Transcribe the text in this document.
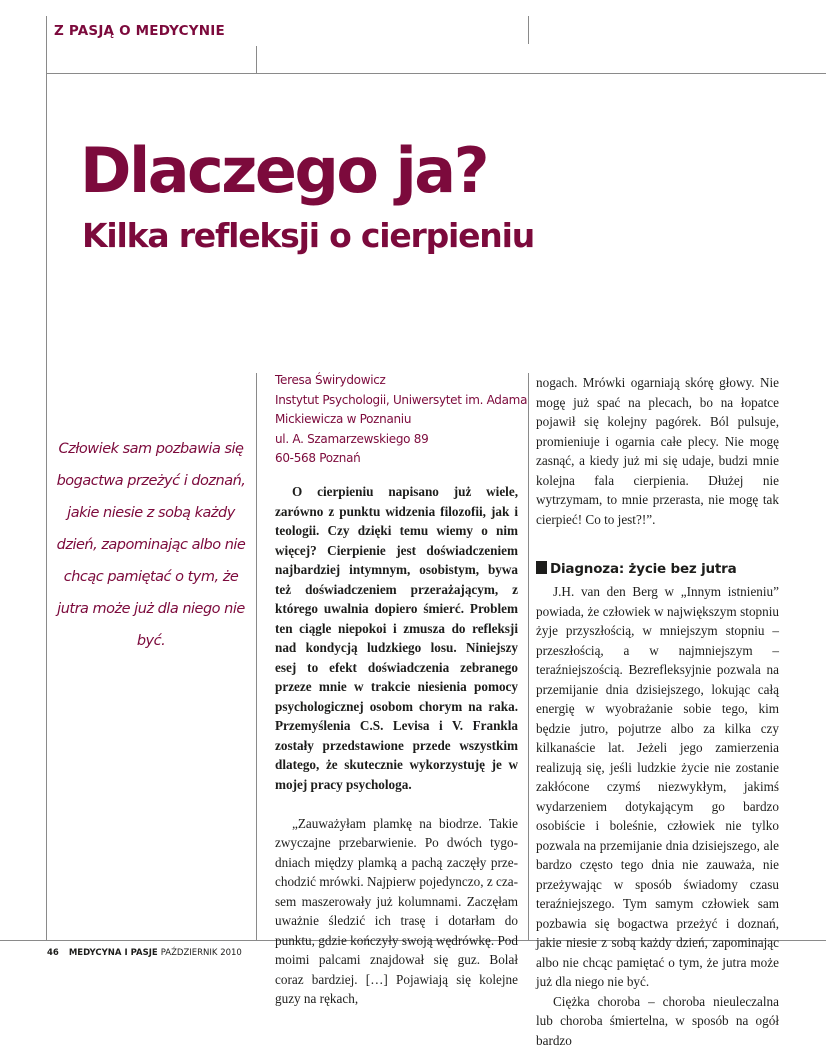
Z PASJĄ O MEDYCYNIE
Dlaczego ja?
Kilka refleksji o cierpieniu

Człowiek sam pozbawia się bogactwa przeżyć i doznań, jakie niesie z sobą każdy dzień, zapominając albo nie chcąc pamiętać o tym, że jutra może już dla niego nie być.

Teresa Świrydowicz
Instytut Psychologii, Uniwersytet im. Adama
Mickiewicza w Poznaniu
ul. A. Szamarzewskiego 89
60-568 Poznań

O cierpieniu napisano już wiele, zarówno z punktu widzenia filozofii, jak i teologii. Czy dzięki temu wiemy o nim więcej? Cierpienie jest doświadczeniem najbardziej intymnym, osobistym, bywa też doświadczeniem przerażającym, z którego uwalnia dopiero śmierć. Problem ten ciągle niepokoi i zmusza do refleksji nad kondycją ludzkiego losu. Niniejszy esej to efekt doświadczenia zebranego przeze mnie w trakcie niesienia pomocy psychologicznej osobom chorym na raka. Przemyślenia C.S. Levisa i V. Frankla zostały przedstawione przede wszystkim dlatego, że skutecznie wykorzystuję je w mojej pracy psychologa.

„Zauważyłam plamkę na biodrze. Takie zwyczajne przebarwienie. Po dwóch tygodniach między plamką a pachą zaczęły przechodzić mrówki. Najpierw pojedynczo, z czasem maszerowały już kolumnami. Zaczęłam uważnie śledzić ich trasę i dotarłam do punktu, gdzie kończyły swoją wędrówkę. Pod moimi palcami znajdował się guz. Bolał coraz bardziej. […] Pojawiają się kolejne guzy na rękach,

nogach. Mrówki ogarniają skórę głowy. Nie mogę już spać na plecach, bo na łopatce pojawił się kolejny pagórek. Ból pulsuje, promieniuje i ogarnia całe plecy. Nie mogę zasnąć, a kiedy już mi się udaje, budzi mnie kolejna fala cierpienia. Dłużej nie wytrzymam, to mnie przerasta, nie mogę tak cierpieć! Co to jest?!”.

Diagnoza: życie bez jutra

J.H. van den Berg w „Innym istnieniu” powiada, że człowiek w największym stopniu żyje przyszłością, w mniejszym stopniu – przeszłością, a w najmniejszym – teraźniejszością. Bezrefleksyjnie pozwala na przemijanie dnia dzisiejszego, lokując całą energię w wyobrażanie sobie tego, kim będzie jutro, pojutrze albo za kilka czy kilkanaście lat. Jeżeli jego zamierzenia realizują się, jeśli ludzkie życie nie zostanie zakłócone czymś niezwykłym, jakimś wydarzeniem dotykającym go bardzo osobiście i boleśnie, człowiek nie tylko pozwala na przemijanie dnia dzisiejszego, ale bardzo często tego dnia nie zauważa, nie przeżywając w sposób świadomy czasu teraźniejszego. Tym samym człowiek sam pozbawia się bogactwa przeżyć i doznań, jakie niesie z sobą każdy dzień, zapominając albo nie chcąc pamiętać o tym, że jutra może już dla niego nie być.

Ciężka choroba – choroba nieuleczalna lub choroba śmiertelna, w sposób na ogół bardzo

46 MEDYCYNA I PASJE PAŹDZIERNIK 2010
